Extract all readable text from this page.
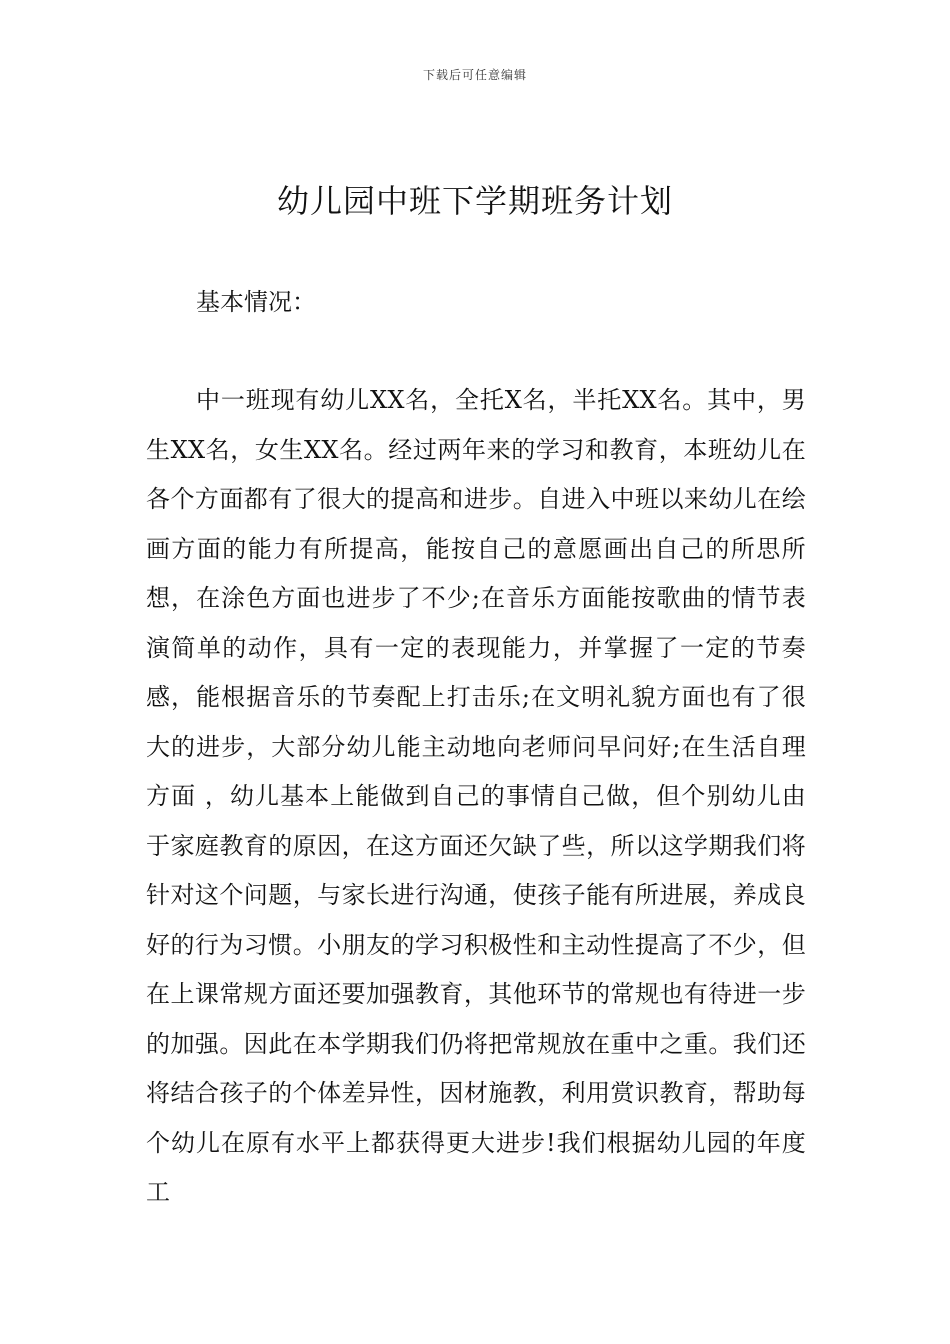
下载后可任意编辑
幼儿园中班下学期班务计划

基本情况：

中一班现有幼儿XX名，全托X名，半托XX名。其中，男生XX名，女生XX名。经过两年来的学习和教育，本班幼儿在各个方面都有了很大的提高和进步。自进入中班以来幼儿在绘画方面的能力有所提高，能按自己的意愿画出自己的所思所想，在涂色方面也进步了不少;在音乐方面能按歌曲的情节表演简单的动作，具有一定的表现能力，并掌握了一定的节奏感，能根据音乐的节奏配上打击乐;在文明礼貌方面也有了很大的进步，大部分幼儿能主动地向老师问早问好;在生活自理方面 ，幼儿基本上能做到自己的事情自己做，但个别幼儿由于家庭教育的原因，在这方面还欠缺了些，所以这学期我们将针对这个问题，与家长进行沟通，使孩子能有所进展，养成良好的行为习惯。小朋友的学习积极性和主动性提高了不少，但在上课常规方面还要加强教育，其他环节的常规也有待进一步的加强。因此在本学期我们仍将把常规放在重中之重。我们还将结合孩子的个体差异性，因材施教，利用赏识教育，帮助每个幼儿在原有水平上都获得更大进步!我们根据幼儿园的年度工
